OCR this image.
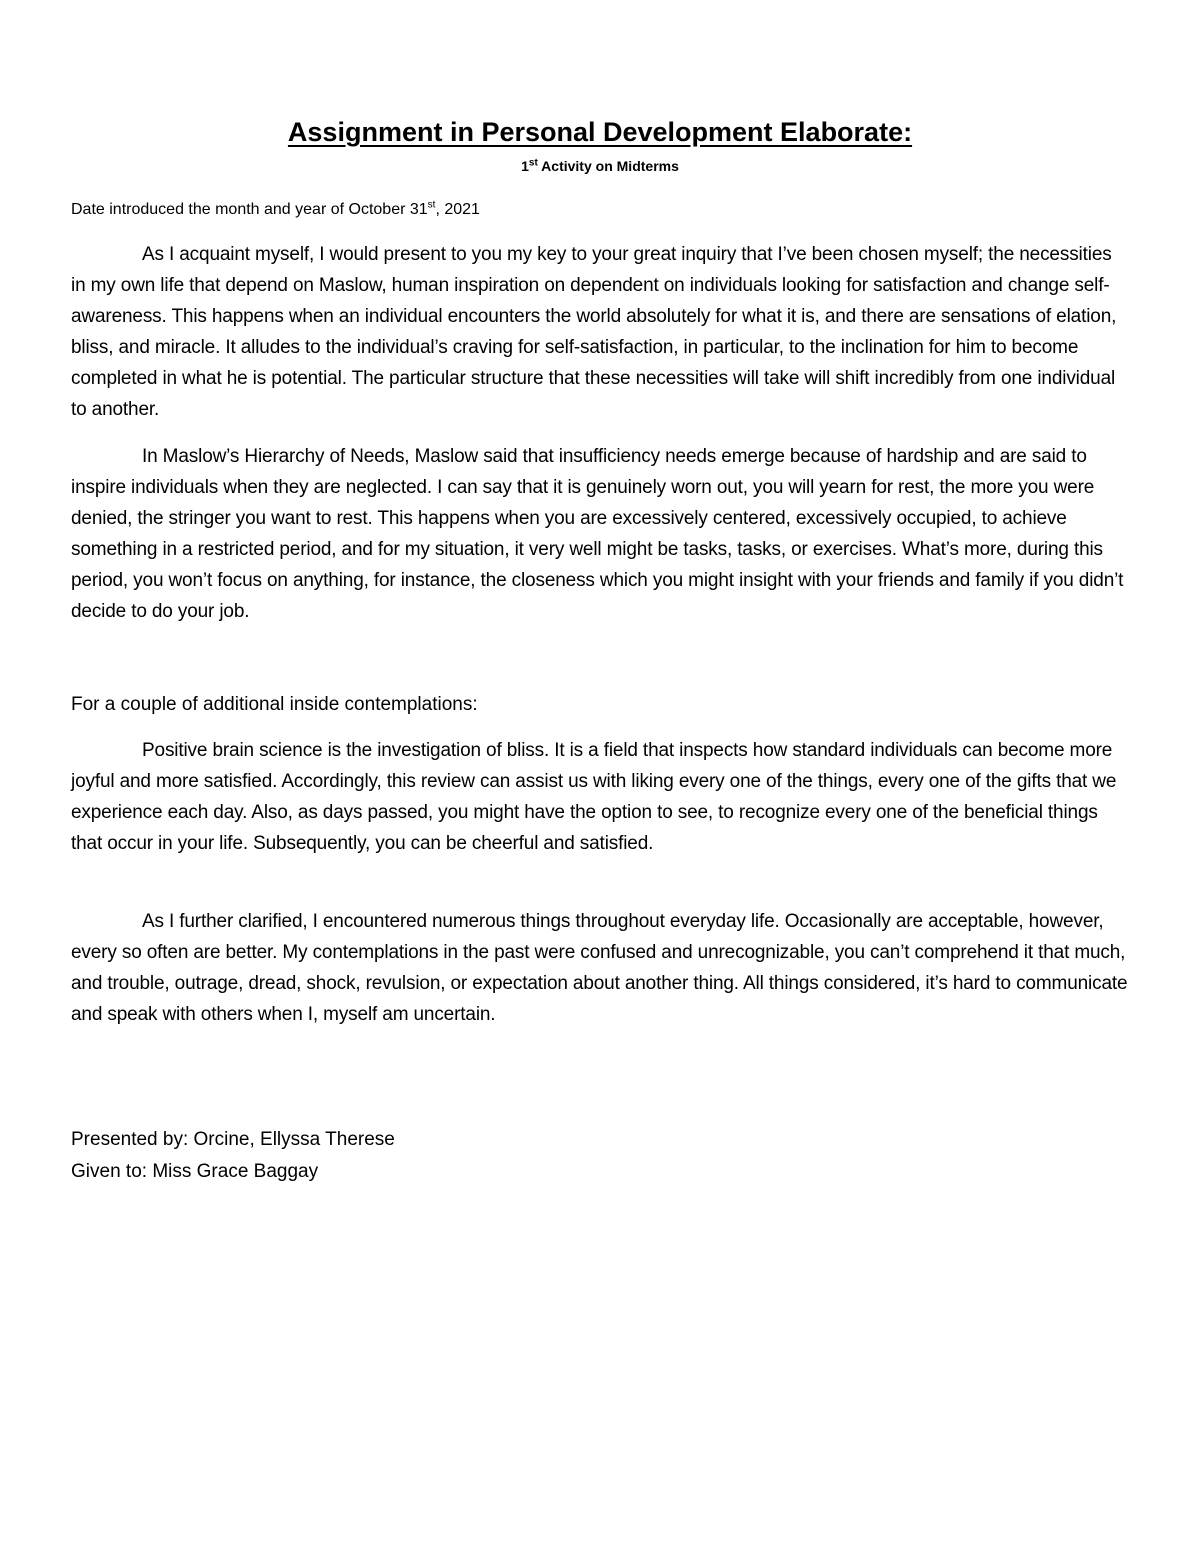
Assignment in Personal Development Elaborate:
1st Activity on Midterms
Date introduced the month and year of October 31st, 2021

As I acquaint myself, I would present to you my key to your great inquiry that I’ve been chosen myself; the necessities in my own life that depend on Maslow, human inspiration on dependent on individuals looking for satisfaction and change self-awareness. This happens when an individual encounters the world absolutely for what it is, and there are sensations of elation, bliss, and miracle. It alludes to the individual’s craving for self-satisfaction, in particular, to the inclination for him to become completed in what he is potential. The particular structure that these necessities will take will shift incredibly from one individual to another.

In Maslow’s Hierarchy of Needs, Maslow said that insufficiency needs emerge because of hardship and are said to inspire individuals when they are neglected. I can say that it is genuinely worn out, you will yearn for rest, the more you were denied, the stringer you want to rest. This happens when you are excessively centered, excessively occupied, to achieve something in a restricted period, and for my situation, it very well might be tasks, tasks, or exercises. What’s more, during this period, you won’t focus on anything, for instance, the closeness which you might insight with your friends and family if you didn’t decide to do your job.

For a couple of additional inside contemplations:

Positive brain science is the investigation of bliss. It is a field that inspects how standard individuals can become more joyful and more satisfied. Accordingly, this review can assist us with liking every one of the things, every one of the gifts that we experience each day. Also, as days passed, you might have the option to see, to recognize every one of the beneficial things that occur in your life. Subsequently, you can be cheerful and satisfied.

As I further clarified, I encountered numerous things throughout everyday life. Occasionally are acceptable, however, every so often are better. My contemplations in the past were confused and unrecognizable, you can’t comprehend it that much, and trouble, outrage, dread, shock, revulsion, or expectation about another thing. All things considered, it’s hard to communicate and speak with others when I, myself am uncertain.

Presented by: Orcine, Ellyssa Therese
Given to: Miss Grace Baggay
